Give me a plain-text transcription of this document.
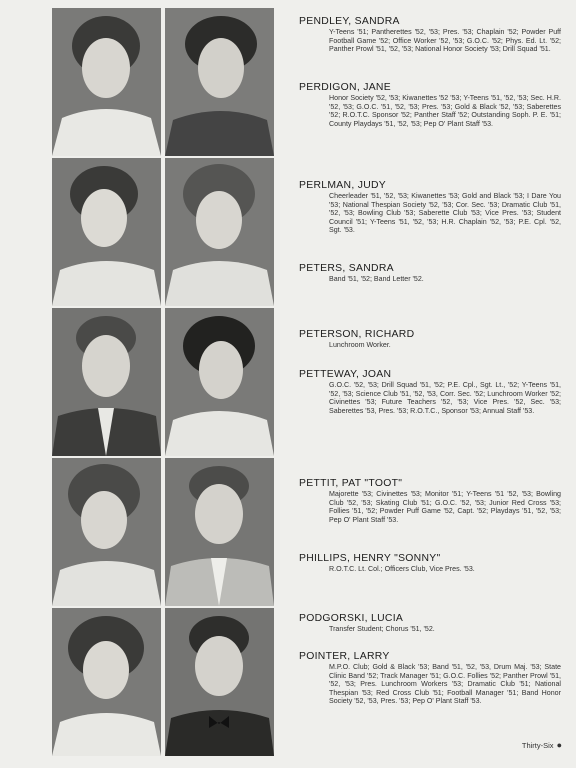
PENDLEY, SANDRA
Y-Teens '51; Pantherettes '52, '53; Pres. '53; Chaplain '52; Powder Puff Football Game '52; Office Worker '52, '53; G.O.C. '52; Phys. Ed. Lt. '52; Panther Prowl '51, '52, '53; National Honor Society '53; Drill Squad '51.
PERDIGON, JANE
Honor Society '52, '53; Kiwanettes '52 '53; Y-Teens '51, '52, '53; Sec. H.R. '52, '53; G.O.C. '51, '52, '53; Pres. '53; Gold & Black '52, '53; Saberettes '52; R.O.T.C. Sponsor '52; Panther Staff '52; Outstanding Soph. P. E. '51; County Playdays '51, '52, '53; Pep O' Plant Staff '53.
PERLMAN, JUDY
Cheerleader '51, '52, '53; Kiwanettes '53; Gold and Black '53; I Dare You '53; National Thespian Society '52, '53; Cor. Sec. '53; Dramatic Club '51, '52, '53; Bowling Club '53; Saberette Club '53; Vice Pres. '53; Student Council '51; Y-Teens '51, '52, '53; H.R. Chaplain '52, '53; P.E. Cpl. '52, Sgt. '53.
PETERS, SANDRA
Band '51, '52; Band Letter '52.
PETERSON, RICHARD
Lunchroom Worker.
PETTEWAY, JOAN
G.O.C. '52, '53; Drill Squad '51, '52; P.E. Cpl., Sgt. Lt., '52; Y-Teens '51, '52, '53; Science Club '51, '52, '53, Corr. Sec. '52; Lunchroom Worker '52; Civinettes '53; Future Teachers '52, '53; Vice Pres. '52, Sec. '53; Saberettes '53, Pres. '53; R.O.T.C., Sponsor '53; Annual Staff '53.
PETTIT, PAT "TOOT"
Majorette '53; Civinettes '53; Monitor '51; Y-Teens '51 '52, '53; Bowling Club '52, '53; Skating Club '51; G.O.C. '52, '53; Junior Red Cross '53; Follies '51, '52; Powder Puff Game '52, Capt. '52; Playdays '51, '52, '53; Pep O' Plant Staff '53.
PHILLIPS, HENRY "SONNY"
R.O.T.C. Lt. Col.; Officers Club, Vice Pres. '53.
PODGORSKI, LUCIA
Transfer Student; Chorus '51, '52.
POINTER, LARRY
M.P.O. Club; Gold & Black '53; Band '51, '52, '53, Drum Maj. '53; State Clinic Band '52; Track Manager '51; G.O.C. Follies '52; Panther Prowl '51, '52, '53; Pres. Lunchroom Workers '53; Dramatic Club '51; National Thespian '53; Red Cross Club '51; Football Manager '51; Band Honor Society '52, '53, Pres. '53; Pep O' Plant Staff '53.
Thirty-Six ●
